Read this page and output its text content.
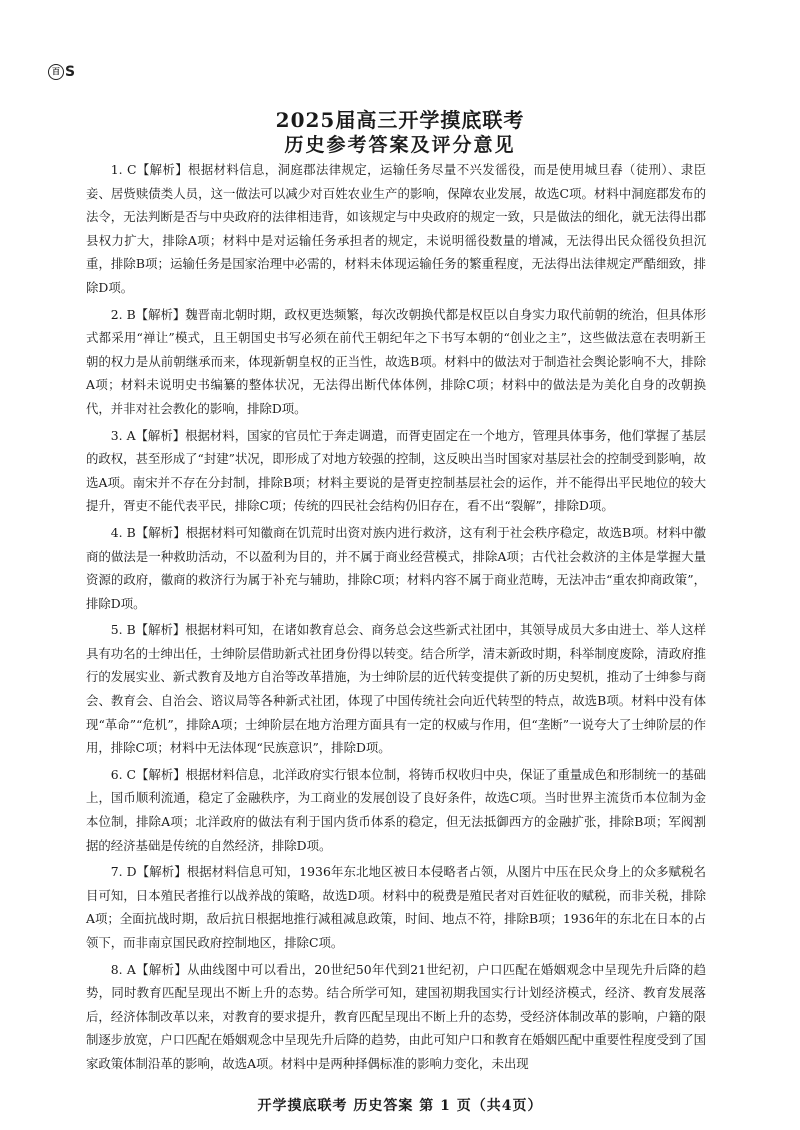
百 S
2025届高三开学摸底联考
历史参考答案及评分意见

1. C【解析】根据材料信息，洞庭郡法律规定，运输任务尽量不兴发徭役，而是使用城旦舂（徒刑）、隶臣妾、居赀赎债类人员，这一做法可以减少对百姓农业生产的影响，保障农业发展，故选C项。材料中洞庭郡发布的法令，无法判断是否与中央政府的法律相违背，如该规定与中央政府的规定一致，只是做法的细化，就无法得出郡县权力扩大，排除A项；材料中是对运输任务承担者的规定，未说明徭役数量的增减，无法得出民众徭役负担沉重，排除B项；运输任务是国家治理中必需的，材料未体现运输任务的繁重程度，无法得出法律规定严酷细致，排除D项。

2. B【解析】魏晋南北朝时期，政权更迭频繁，每次改朝换代都是权臣以自身实力取代前朝的统治，但具体形式都采用“禅让”模式，且王朝国史书写必须在前代王朝纪年之下书写本朝的“创业之主”，这些做法意在表明新王朝的权力是从前朝继承而来，体现新朝皇权的正当性，故选B项。材料中的做法对于制造社会舆论影响不大，排除A项；材料未说明史书编纂的整体状况，无法得出断代体体例，排除C项；材料中的做法是为美化自身的改朝换代，并非对社会教化的影响，排除D项。

3. A【解析】根据材料，国家的官员忙于奔走调遣，而胥吏固定在一个地方，管理具体事务，他们掌握了基层的政权，甚至形成了“封建”状况，即形成了对地方较强的控制，这反映出当时国家对基层社会的控制受到影响，故选A项。南宋并不存在分封制，排除B项；材料主要说的是胥吏控制基层社会的运作，并不能得出平民地位的较大提升，胥吏不能代表平民，排除C项；传统的四民社会结构仍旧存在，看不出“裂解”，排除D项。

4. B【解析】根据材料可知徽商在饥荒时出资对族内进行救济，这有利于社会秩序稳定，故选B项。材料中徽商的做法是一种救助活动，不以盈利为目的，并不属于商业经营模式，排除A项；古代社会救济的主体是掌握大量资源的政府，徽商的救济行为属于补充与辅助，排除C项；材料内容不属于商业范畴，无法冲击“重农抑商政策”，排除D项。

5. B【解析】根据材料可知，在诸如教育总会、商务总会这些新式社团中，其领导成员大多由进士、举人这样具有功名的士绅出任，士绅阶层借助新式社团身份得以转变。结合所学，清末新政时期，科举制度废除，清政府推行的发展实业、新式教育及地方自治等改革措施，为士绅阶层的近代转变提供了新的历史契机，推动了士绅参与商会、教育会、自治会、谘议局等各种新式社团，体现了中国传统社会向近代转型的特点，故选B项。材料中没有体现“革命”“危机”，排除A项；士绅阶层在地方治理方面具有一定的权威与作用，但“垄断”一说夸大了士绅阶层的作用，排除C项；材料中无法体现“民族意识”，排除D项。

6. C【解析】根据材料信息，北洋政府实行银本位制，将铸币权收归中央，保证了重量成色和形制统一的基础上，国币顺利流通，稳定了金融秩序，为工商业的发展创设了良好条件，故选C项。当时世界主流货币本位制为金本位制，排除A项；北洋政府的做法有利于国内货币体系的稳定，但无法抵御西方的金融扩张，排除B项；军阀割据的经济基础是传统的自然经济，排除D项。

7. D【解析】根据材料信息可知，1936年东北地区被日本侵略者占领，从图片中压在民众身上的众多赋税名目可知，日本殖民者推行以战养战的策略，故选D项。材料中的税费是殖民者对百姓征收的赋税，而非关税，排除A项；全面抗战时期，敌后抗日根据地推行减租减息政策，时间、地点不符，排除B项；1936年的东北在日本的占领下，而非南京国民政府控制地区，排除C项。

8. A【解析】从曲线图中可以看出，20世纪50年代到21世纪初，户口匹配在婚姻观念中呈现先升后降的趋势，同时教育匹配呈现出不断上升的态势。结合所学可知，建国初期我国实行计划经济模式，经济、教育发展落后，经济体制改革以来，对教育的要求提升，教育匹配呈现出不断上升的态势，受经济体制改革的影响，户籍的限制逐步放宽，户口匹配在婚姻观念中呈现先升后降的趋势，由此可知户口和教育在婚姻匹配中重要性程度受到了国家政策体制沿革的影响，故选A项。材料中是两种择偶标准的影响力变化，未出现

开学摸底联考 历史答案 第 1 页（共4页）
